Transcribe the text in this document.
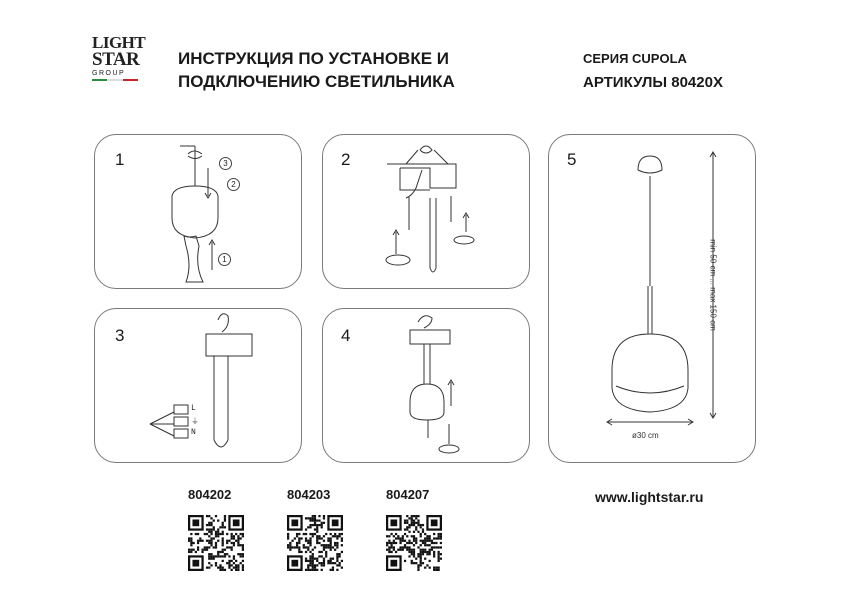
LIGHT
STAR
GROUP
ИНСТРУКЦИЯ ПО УСТАНОВКЕ И
ПОДКЛЮЧЕНИЮ СВЕТИЛЬНИКА
СЕРИЯ CUPOLA
АРТИКУЛЫ 80420X
1	2
3	4
5
3
2
1
L
⏚
N
min 50 cm ... max 150 cm
ø30 cm
804202	804203	804207	www.lightstar.ru
